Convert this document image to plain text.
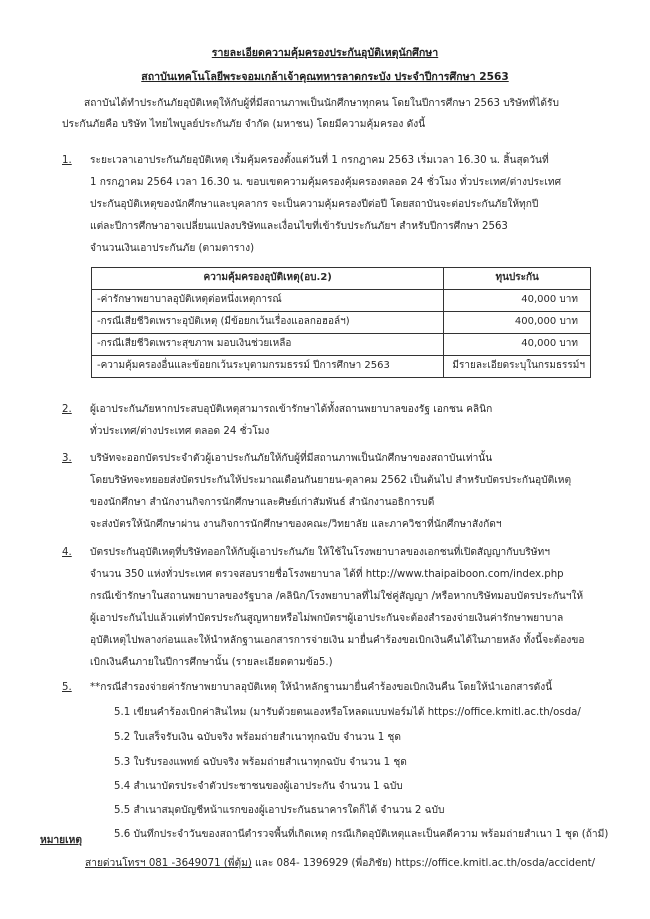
รายละเอียดความคุ้มครองประกันอุบัติเหตุนักศึกษา
สถาบันเทคโนโลยีพระจอมเกล้าเจ้าคุณทหารลาดกระบัง ประจำปีการศึกษา 2563
สถาบันได้ทำประกันภัยอุบัติเหตุให้กับผู้ที่มีสถานภาพเป็นนักศึกษาทุกคน โดยในปีการศึกษา 2563 บริษัทที่ได้รับ
ประกันภัยคือ บริษัท ไทยไพบูลย์ประกันภัย จำกัด (มหาชน) โดยมีความคุ้มครอง ดังนี้
1. ระยะเวลาเอาประกันภัยอุบัติเหตุ เริ่มคุ้มครองตั้งแต่วันที่ 1 กรกฎาคม 2563 เริ่มเวลา 16.30 น. สิ้นสุดวันที่
1 กรกฎาคม 2564 เวลา 16.30 น. ขอบเขตความคุ้มครองคุ้มครองตลอด 24 ชั่วโมง ทั่วประเทศ/ต่างประเทศ
ประกันอุบัติเหตุของนักศึกษาและบุคลากร จะเป็นความคุ้มครองปีต่อปี โดยสถาบันจะต่อประกันภัยให้ทุกปี
แต่ละปีการศึกษาอาจเปลี่ยนแปลงบริษัทและเงื่อนไขที่เข้ารับประกันภัยฯ สำหรับปีการศึกษา 2563
จำนวนเงินเอาประกันภัย (ตามตาราง)
ความคุ้มครองอุบัติเหตุ(อบ.2)	ทุนประกัน
-ค่ารักษาพยาบาลอุบัติเหตุต่อหนึ่งเหตุการณ์	40,000 บาท
-กรณีเสียชีวิตเพราะอุบัติเหตุ (มีข้อยกเว้นเรื่องแอลกอฮอล์ฯ)	400,000 บาท
-กรณีเสียชีวิตเพราะสุขภาพ มอบเงินช่วยเหลือ	40,000 บาท
-ความคุ้มครองอื่นและข้อยกเว้นระบุตามกรมธรรม์ ปีการศึกษา 2563	มีรายละเอียดระบุในกรมธรรม์ฯ
2. ผู้เอาประกันภัยหากประสบอุบัติเหตุสามารถเข้ารักษาได้ทั้งสถานพยาบาลของรัฐ เอกชน คลินิก
ทั่วประเทศ/ต่างประเทศ ตลอด 24 ชั่วโมง
3. บริษัทจะออกบัตรประจำตัวผู้เอาประกันภัยให้กับผู้ที่มีสถานภาพเป็นนักศึกษาของสถาบันเท่านั้น
โดยบริษัทจะทยอยส่งบัตรประกันให้ประมาณเดือนกันยายน-ตุลาคม 2562 เป็นต้นไป สำหรับบัตรประกันอุบัติเหตุ
ของนักศึกษา สำนักงานกิจการนักศึกษาและศิษย์เก่าสัมพันธ์ สำนักงานอธิการบดี
จะส่งบัตรให้นักศึกษาผ่าน งานกิจการนักศึกษาของคณะ/วิทยาลัย และภาควิชาที่นักศึกษาสังกัดฯ
4. บัตรประกันอุบัติเหตุที่บริษัทออกให้กับผู้เอาประกันภัย ให้ใช้ในโรงพยาบาลของเอกชนที่เปิดสัญญากับบริษัทฯ
จำนวน 350 แห่งทั่วประเทศ ตรวจสอบรายชื่อโรงพยาบาล ได้ที่ http://www.thaipaiboon.com/index.php
กรณีเข้ารักษาในสถานพยาบาลของรัฐบาล /คลินิก/โรงพยาบาลที่ไม่ใช่คู่สัญญา /หรือหากบริษัทมอบบัตรประกันฯให้
ผู้เอาประกันไปแล้วแต่ทำบัตรประกันสูญหายหรือไม่พกบัตรฯผู้เอาประกันจะต้องสำรองจ่ายเงินค่ารักษาพยาบาล
อุบัติเหตุไปพลางก่อนและให้นำหลักฐานเอกสารการจ่ายเงิน มายื่นคำร้องขอเบิกเงินคืนได้ในภายหลัง ทั้งนี้จะต้องขอ
เบิกเงินคืนภายในปีการศึกษานั้น (รายละเอียดตามข้อ5.)
5. **กรณีสำรองจ่ายค่ารักษาพยาบาลอุบัติเหตุ ให้นำหลักฐานมายื่นคำร้องขอเบิกเงินคืน โดยให้นำเอกสารดังนี้
5.1 เขียนคำร้องเบิกค่าสินไหม (มารับด้วยตนเองหรือโหลดแบบฟอร์มได้ https://office.kmitl.ac.th/osda/
5.2 ใบเสร็จรับเงิน ฉบับจริง พร้อมถ่ายสำเนาทุกฉบับ จำนวน 1 ชุด
5.3 ใบรับรองแพทย์ ฉบับจริง พร้อมถ่ายสำเนาทุกฉบับ จำนวน 1 ชุด
5.4 สำเนาบัตรประจำตัวประชาชนของผู้เอาประกัน จำนวน 1 ฉบับ
5.5 สำเนาสมุดบัญชีหน้าแรกของผู้เอาประกันธนาคารใดก็ได้ จำนวน 2 ฉบับ
5.6 บันทึกประจำวันของสถานีตำรวจพื้นที่เกิดเหตุ กรณีเกิดอุบัติเหตุและเป็นคดีความ พร้อมถ่ายสำเนา 1 ชุด (ถ้ามี)
หมายเหตุ
สายด่วนโทรฯ 081 -3649071 (พี่ตุ้ม) และ 084- 1396929 (พี่อภิชัย) https://office.kmitl.ac.th/osda/accident/
